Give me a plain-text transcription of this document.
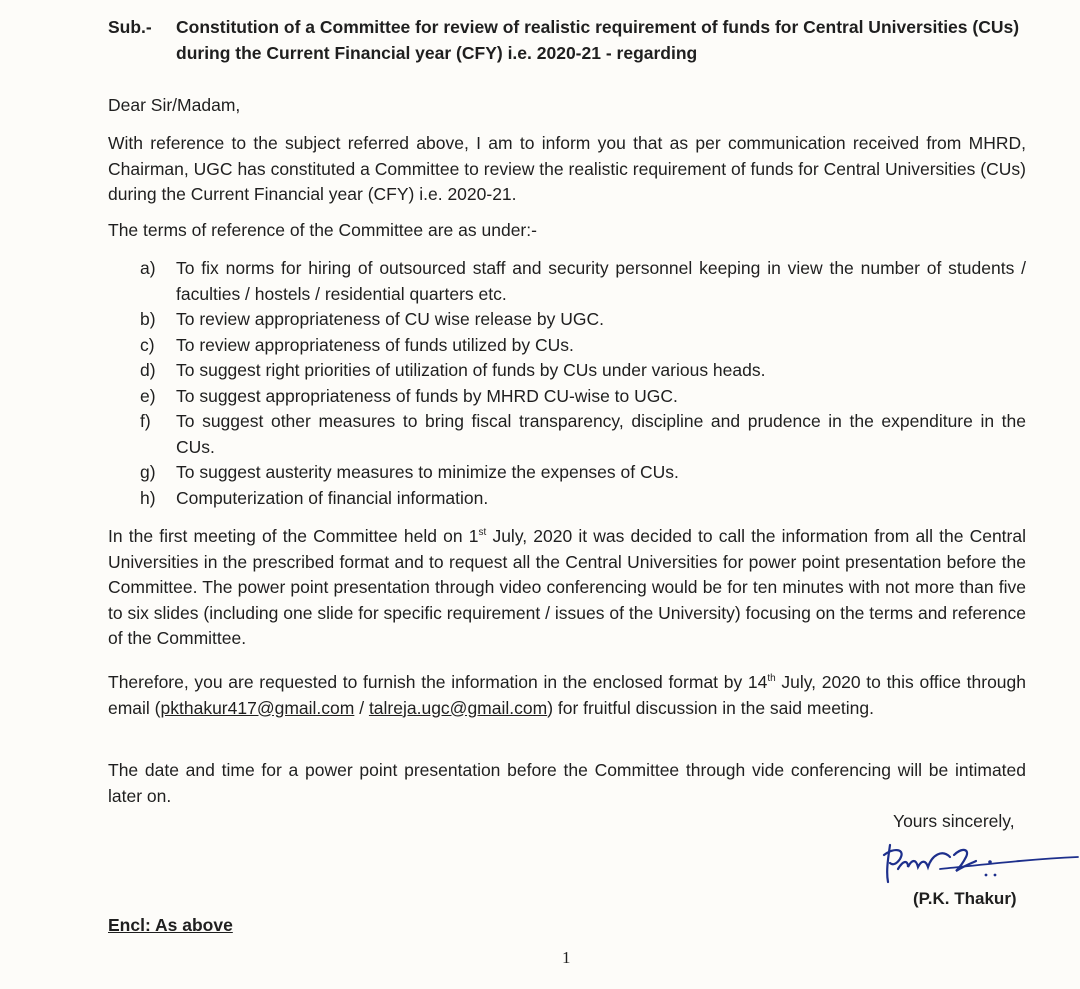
Sub.- Constitution of a Committee for review of realistic requirement of funds for Central Universities (CUs) during the Current Financial year (CFY) i.e. 2020-21 - regarding
Dear Sir/Madam,
With reference to the subject referred above, I am to inform you that as per communication received from MHRD, Chairman, UGC has constituted a Committee to review the realistic requirement of funds for Central Universities (CUs) during the Current Financial year (CFY) i.e. 2020-21.
The terms of reference of the Committee are as under:-
a)	To fix norms for hiring of outsourced staff and security personnel keeping in view the number of students / faculties / hostels / residential quarters etc.
b)	To review appropriateness of CU wise release by UGC.
c)	To review appropriateness of funds utilized by CUs.
d)	To suggest right priorities of utilization of funds by CUs under various heads.
e)	To suggest appropriateness of funds by MHRD CU-wise to UGC.
f)	To suggest other measures to bring fiscal transparency, discipline and prudence in the expenditure in the CUs.
g)	To suggest austerity measures to minimize the expenses of CUs.
h)	Computerization of financial information.
In the first meeting of the Committee held on 1st July, 2020 it was decided to call the information from all the Central Universities in the prescribed format and to request all the Central Universities for power point presentation before the Committee. The power point presentation through video conferencing would be for ten minutes with not more than five to six slides (including one slide for specific requirement / issues of the University) focusing on the terms and reference of the Committee.
Therefore, you are requested to furnish the information in the enclosed format by 14th July, 2020 to this office through email (pkthakur417@gmail.com / talreja.ugc@gmail.com) for fruitful discussion in the said meeting.
The date and time for a power point presentation before the Committee through vide conferencing will be intimated later on.
Yours sincerely,
(P.K. Thakur)
Encl: As above
1
